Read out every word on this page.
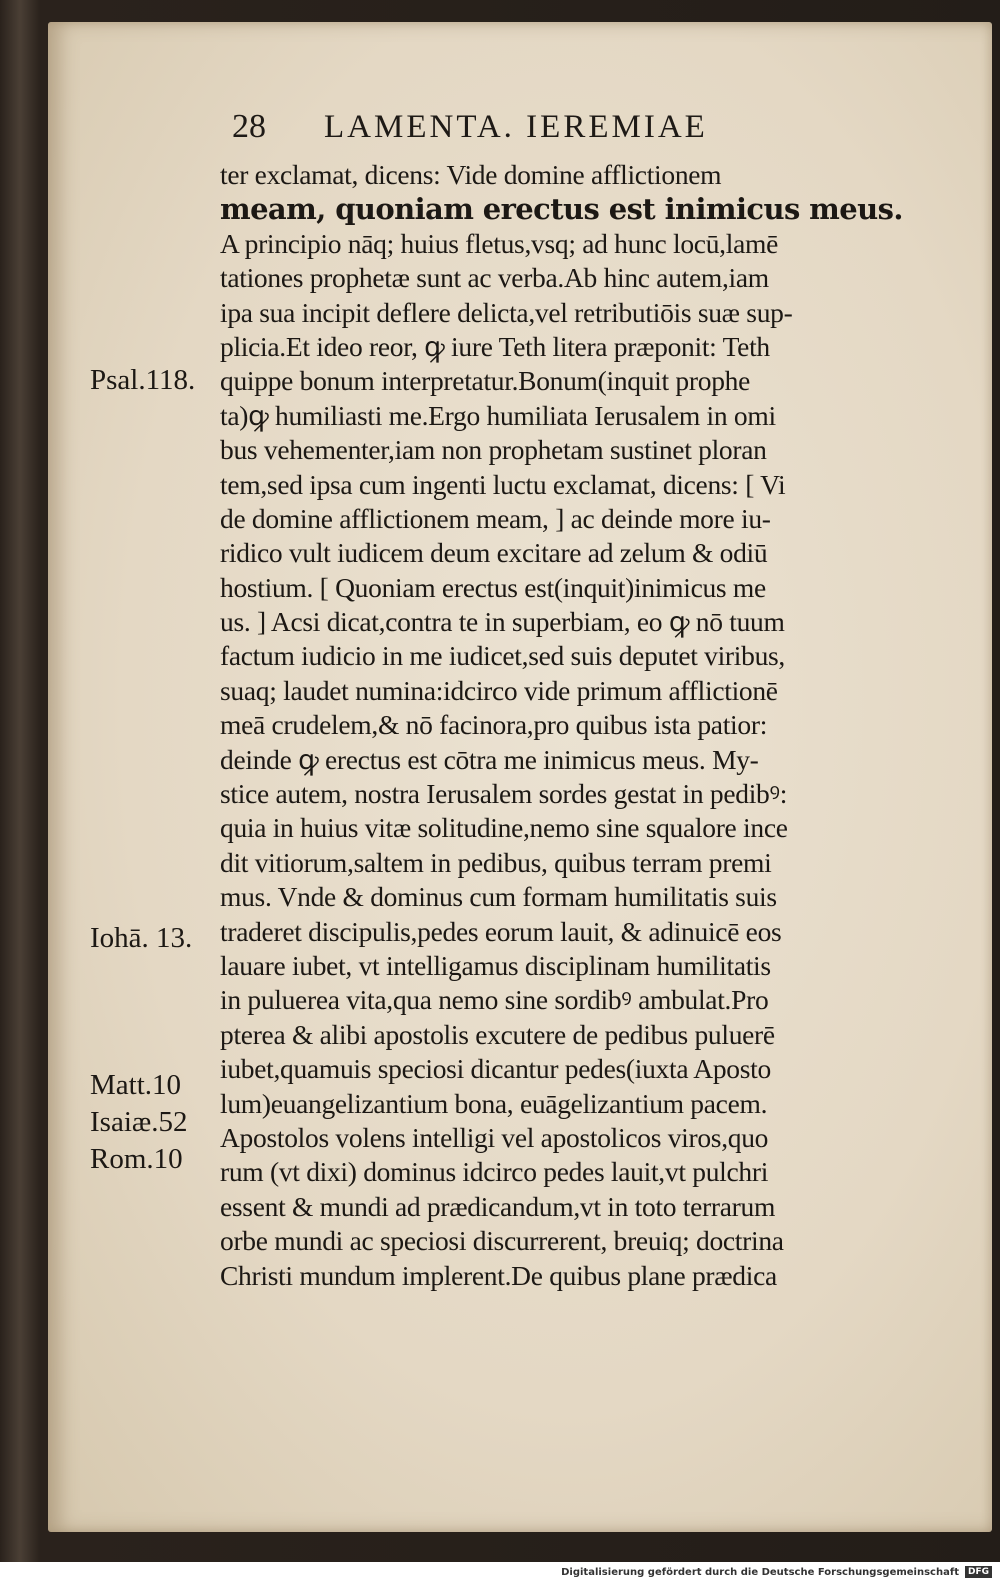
28 LAMENTA. IEREMIAE
ter exclamat, dicens: Vide domine afflictionem
meam, quoniam erectus est inimicus meus.
A principio nāq; huius fletus,vsq; ad hunc locū,lamē
tationes prophetæ sunt ac verba.Ab hinc autem,iam
ipa sua incipit deflere delicta,vel retributiōis suæ sup-
plicia.Et ideo reor, ꝙ iure Teth litera præponit: Teth
quippe bonum interpretatur.Bonum(inquit prophe
ta)ꝙ humiliasti me.Ergo humiliata Ierusalem in omi
bus vehementer,iam non prophetam sustinet ploran
tem,sed ipsa cum ingenti luctu exclamat, dicens: [ Vi
de domine afflictionem meam, ] ac deinde more iu-
ridico vult iudicem deum excitare ad zelum & odiū
hostium. [ Quoniam erectus est(inquit)inimicus me
us. ] Acsi dicat,contra te in superbiam, eo ꝙ nō tuum
factum iudicio in me iudicet,sed suis deputet viribus,
suaq; laudet numina:idcirco vide primum afflictionē
meā crudelem,& nō facinora,pro quibus ista patior:
deinde ꝙ erectus est cōtra me inimicus meus. My-
stice autem, nostra Ierusalem sordes gestat in pedibꝰ:
quia in huius vitæ solitudine,nemo sine squalore ince
dit vitiorum,saltem in pedibus, quibus terram premi
mus. Vnde & dominus cum formam humilitatis suis
traderet discipulis,pedes eorum lauit, & adinuicē eos
lauare iubet, vt intelligamus disciplinam humilitatis
in puluerea vita,qua nemo sine sordibꝰ ambulat.Pro
pterea & alibi apostolis excutere de pedibus puluerē
iubet,quamuis speciosi dicantur pedes(iuxta Aposto
lum)euangelizantium bona, euāgelizantium pacem.
Apostolos volens intelligi vel apostolicos viros,quo
rum (vt dixi) dominus idcirco pedes lauit,vt pulchri
essent & mundi ad prædicandum,vt in toto terrarum
orbe mundi ac speciosi discurrerent, breuiq; doctrina
Christi mundum implerent.De quibus plane prædica
Psal.118.
Iohā. 13.
Matt.10
Isaiæ.52
Rom.10
Digitalisierung gefördert durch die Deutsche Forschungsgemeinschaft	DFG
